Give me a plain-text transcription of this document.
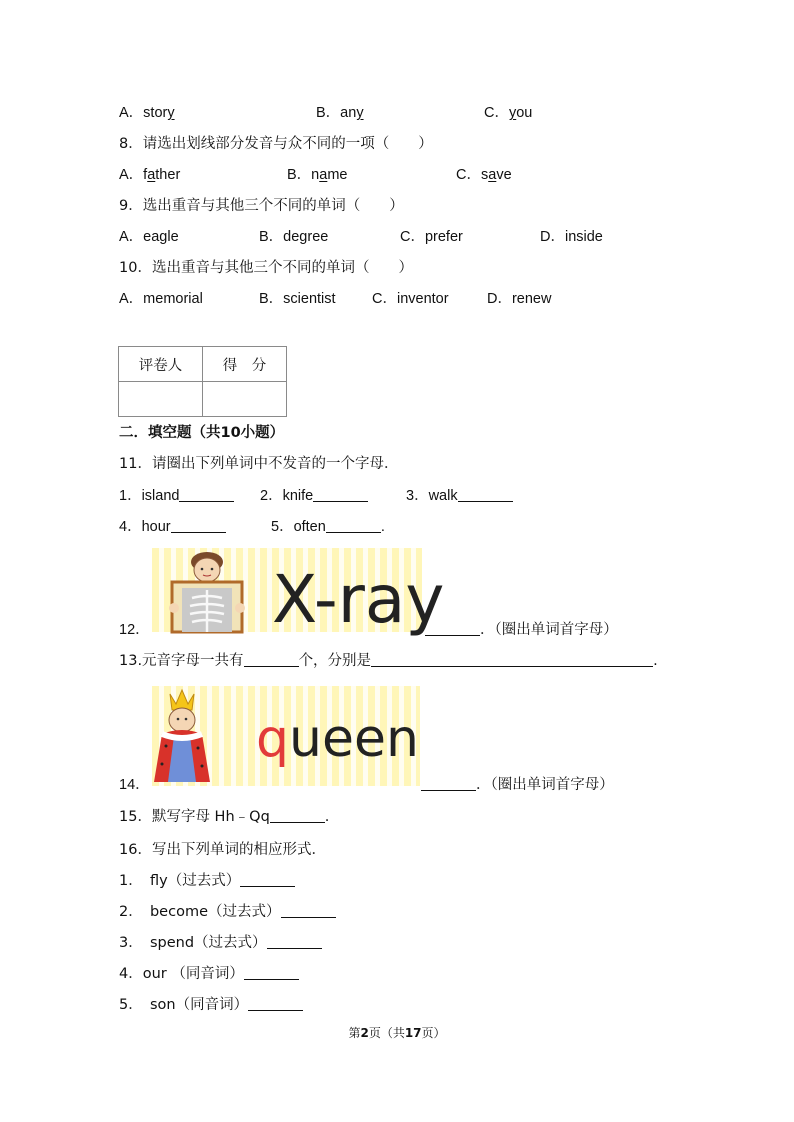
A．story	B．any	C．you
8．请选出划线部分发音与众不同的一项（　　）
A．father	B．name	C．save
9．选出重音与其他三个不同的单词（　　）
A．eagle	B．degree	C．prefer	D．inside
10．选出重音与其他三个不同的单词（　　）
A．memorial	B．scientist	C．inventor	D．renew
评卷人	得　分

二．填空题（共10小题）
11．请圈出下列单词中不发音的一个字母．
1．island	2．knife	3．walk
4．hour	5．often	.
X-ray
12．	．（圈出单词首字母）
13.元音字母一共有	个，分别是	.
queen
14．	．（圈出单词首字母）
15．默写字母 Hh﹣Qq	.
16．写出下列单词的相应形式．
1．　fly（过去式）
2．　become（过去式）
3．　spend（过去式）
4．our （同音词）
5．　son（同音词）
第2页（共17页）
